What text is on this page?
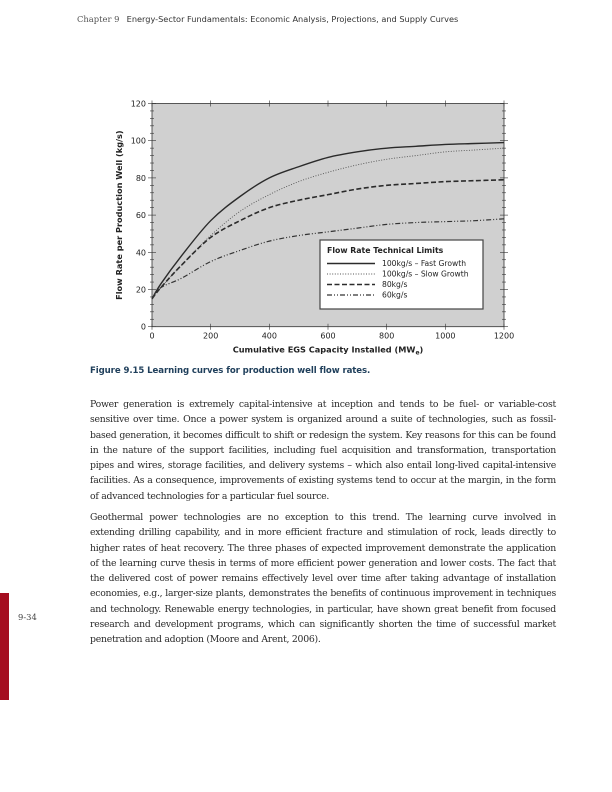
Chapter 9 Energy-Sector Fundamentals: Economic Analysis, Projections, and Supply Curves
0
20
40
60
80
100
120
0	200	400	600	800	1000	1200
Cumulative EGS Capacity Installed $(MW_e)$
Flow Rate per Production Well (kg/s)	Flow Rate Technical Limits
100kg/s – Fast Growth
100kg/s – Slow Growth
80kg/s
60kg/s
Figure 9.15 Learning curves for production well flow rates.

Power generation is extremely capital-intensive at inception and tends to be fuel- or variable-cost sensitive over time. Once a power system is organized around a suite of technologies, such as fossil-based generation, it becomes difficult to shift or redesign the system. Key reasons for this can be found in the nature of the support facilities, including fuel acquisition and transformation, transportation pipes and wires, storage facilities, and delivery systems – which also entail long-lived capital-intensive facilities. As a consequence, improvements of existing systems tend to occur at the margin, in the form of advanced technologies for a particular fuel source.

Geothermal power technologies are no exception to this trend. The learning curve involved in extending drilling capability, and in more efficient fracture and stimulation of rock, leads directly to higher rates of heat recovery. The three phases of expected improvement demonstrate the application of the learning curve thesis in terms of more efficient power generation and lower costs. The fact that the delivered cost of power remains effectively level over time after taking advantage of installation economies, e.g., larger-size plants, demonstrates the benefits of continuous improvement in techniques and technology. Renewable energy technologies, in particular, have shown great benefit from focused research and development programs, which can significantly shorten the time of successful market penetration and adoption (Moore and Arent, 2006).

9-34
